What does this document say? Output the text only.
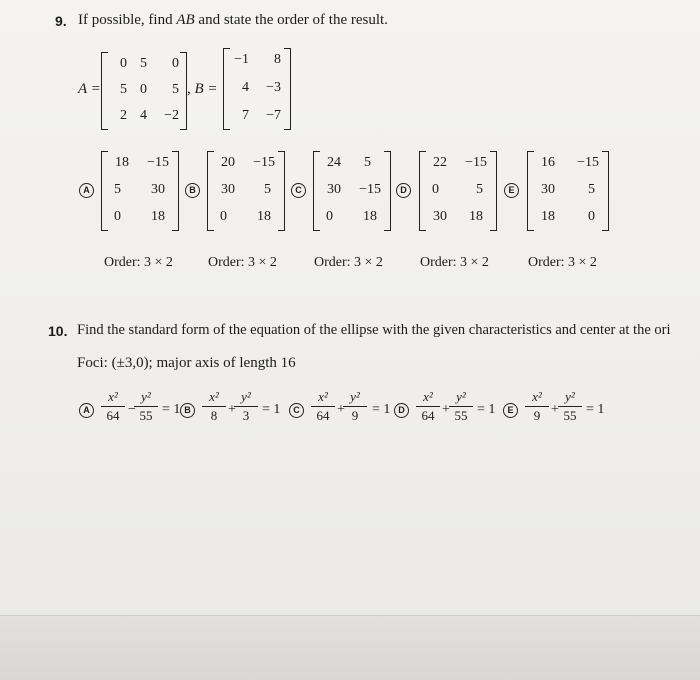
9. If possible, find AB and state the order of the result.
A =
0 5	0
5 0	5
2 4	−2
, B =
−1	8
4	−3
7	−7
A
18	−15
5	30
0	18
Order: 3 × 2
B
20	−15
30	5
0	18
Order: 3 × 2
C
24	5
30	−15
0	18
Order: 3 × 2
D
22	−15
0	5
30	18
Order: 3 × 2
E
16	−15
30	5
18	0
Order: 3 × 2
10. Find the standard form of the equation of the ellipse with the given characteristics and center at the ori
Foci: (±3,0); major axis of length 16
A
x²
64 −
y²
55 = 1 B
x²
8 +
y²
3 = 1	C
x²
64 +
y²
9 = 1 D
x²
64 +
y²
55 = 1	E
x²
9 +
y²
55 = 1
